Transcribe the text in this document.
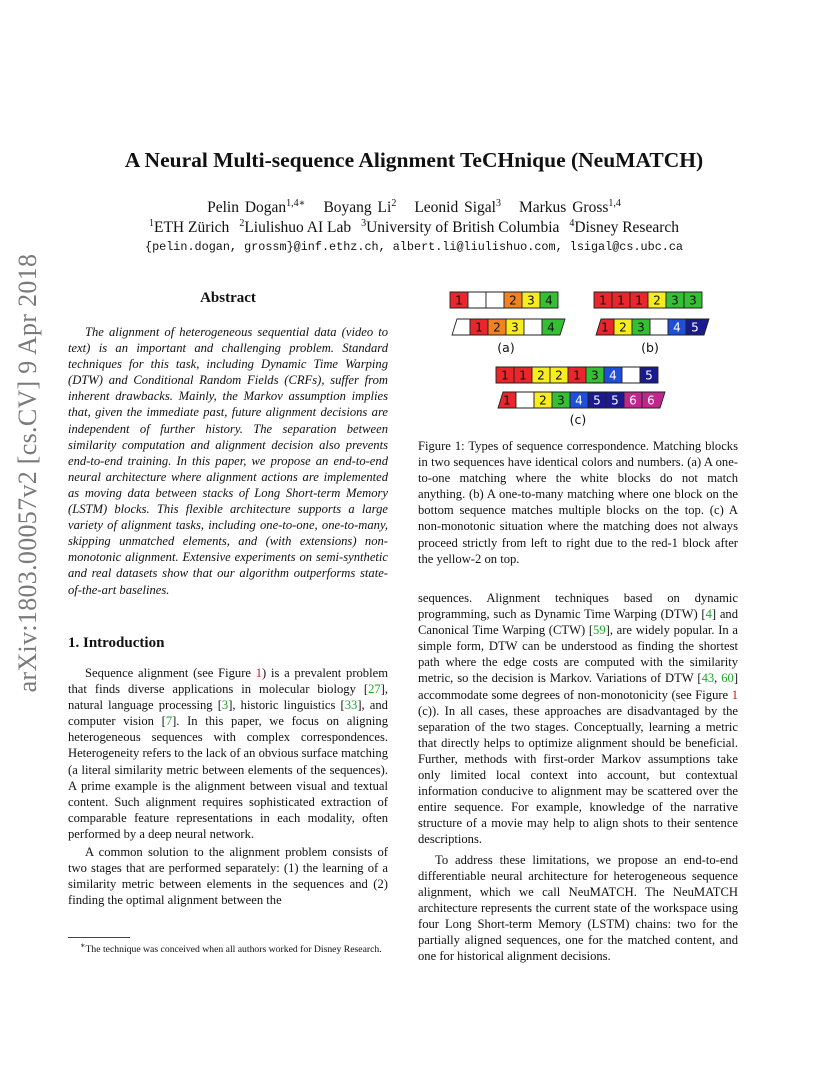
A Neural Multi-sequence Alignment TeCHnique (NeuMATCH)
Pelin Dogan$^{1,4∗}$ Boyang Li$^2$ Leonid Sigal$^3$ Markus Gross$^{1,4}$
$^1$ETH Zürich $^2$Liulishuo AI Lab $^3$University of British Columbia $^4$Disney Research
{pelin.dogan, grossm}@inf.ethz.ch, albert.li@liulishuo.com, lsigal@cs.ubc.ca
arXiv:1803.00057v2 [cs.CV] 9 Apr 2018	Abstract

The alignment of heterogeneous sequential data (video to text) is an important and challenging problem. Standard techniques for this task, including Dynamic Time Warping (DTW) and Conditional Random Fields (CRFs), suffer from inherent drawbacks. Mainly, the Markov assumption implies that, given the immediate past, future alignment decisions are independent of further history. The separation between similarity computation and alignment decision also prevents end-to-end training. In this paper, we propose an end-to-end neural architecture where alignment actions are implemented as moving data between stacks of Long Short-term Memory (LSTM) blocks. This flexible architecture supports a large variety of alignment tasks, including one-to-one, one-to-many, skipping unmatched elements, and (with extensions) non-monotonic alignment. Extensive experiments on semi-synthetic and real datasets show that our algorithm outperforms state-of-the-art baselines.

1. Introduction

Sequence alignment (see Figure 1) is a prevalent problem that finds diverse applications in molecular biology [27], natural language processing [3], historic linguistics [33], and computer vision [7]. In this paper, we focus on aligning heterogeneous sequences with complex correspondences. Heterogeneity refers to the lack of an obvious surface matching (a literal similarity metric between elements of the sequences). A prime example is the alignment between visual and textual content. Such alignment requires sophisticated extraction of comparable feature representations in each modality, often performed by a deep neural network.

A common solution to the alignment problem consists of two stages that are performed separately: (1) the learning of a similarity metric between elements in the sequences and (2) finding the optimal alignment between the

∗The technique was conceived when all authors worked for Disney Research.
1	2 3 4
1 2 3 4
(a)
1 1 1 2 3 3
1 2 3 4 5
(b)
1 1 2 2 1 3 4 5
1 2 3 4 5 5 6 6
(c)
Figure 1: Types of sequence correspondence. Matching blocks in two sequences have identical colors and numbers. (a) A one-to-one matching where the white blocks do not match anything. (b) A one-to-many matching where one block on the bottom sequence matches multiple blocks on the top. (c) A non-monotonic situation where the matching does not always proceed strictly from left to right due to the red-1 block after the yellow-2 on top.

sequences. Alignment techniques based on dynamic programming, such as Dynamic Time Warping (DTW) [4] and Canonical Time Warping (CTW) [59], are widely popular. In a simple form, DTW can be understood as finding the shortest path where the edge costs are computed with the similarity metric, so the decision is Markov. Variations of DTW [43, 60] accommodate some degrees of non-monotonicity (see Figure 1 (c)). In all cases, these approaches are disadvantaged by the separation of the two stages. Conceptually, learning a metric that directly helps to optimize alignment should be beneficial. Further, methods with first-order Markov assumptions take only limited local context into account, but contextual information conducive to alignment may be scattered over the entire sequence. For example, knowledge of the narrative structure of a movie may help to align shots to their sentence descriptions.

To address these limitations, we propose an end-to-end differentiable neural architecture for heterogeneous sequence alignment, which we call NeuMATCH. The NeuMATCH architecture represents the current state of the workspace using four Long Short-term Memory (LSTM) chains: two for the partially aligned sequences, one for the matched content, and one for historical alignment decisions.
